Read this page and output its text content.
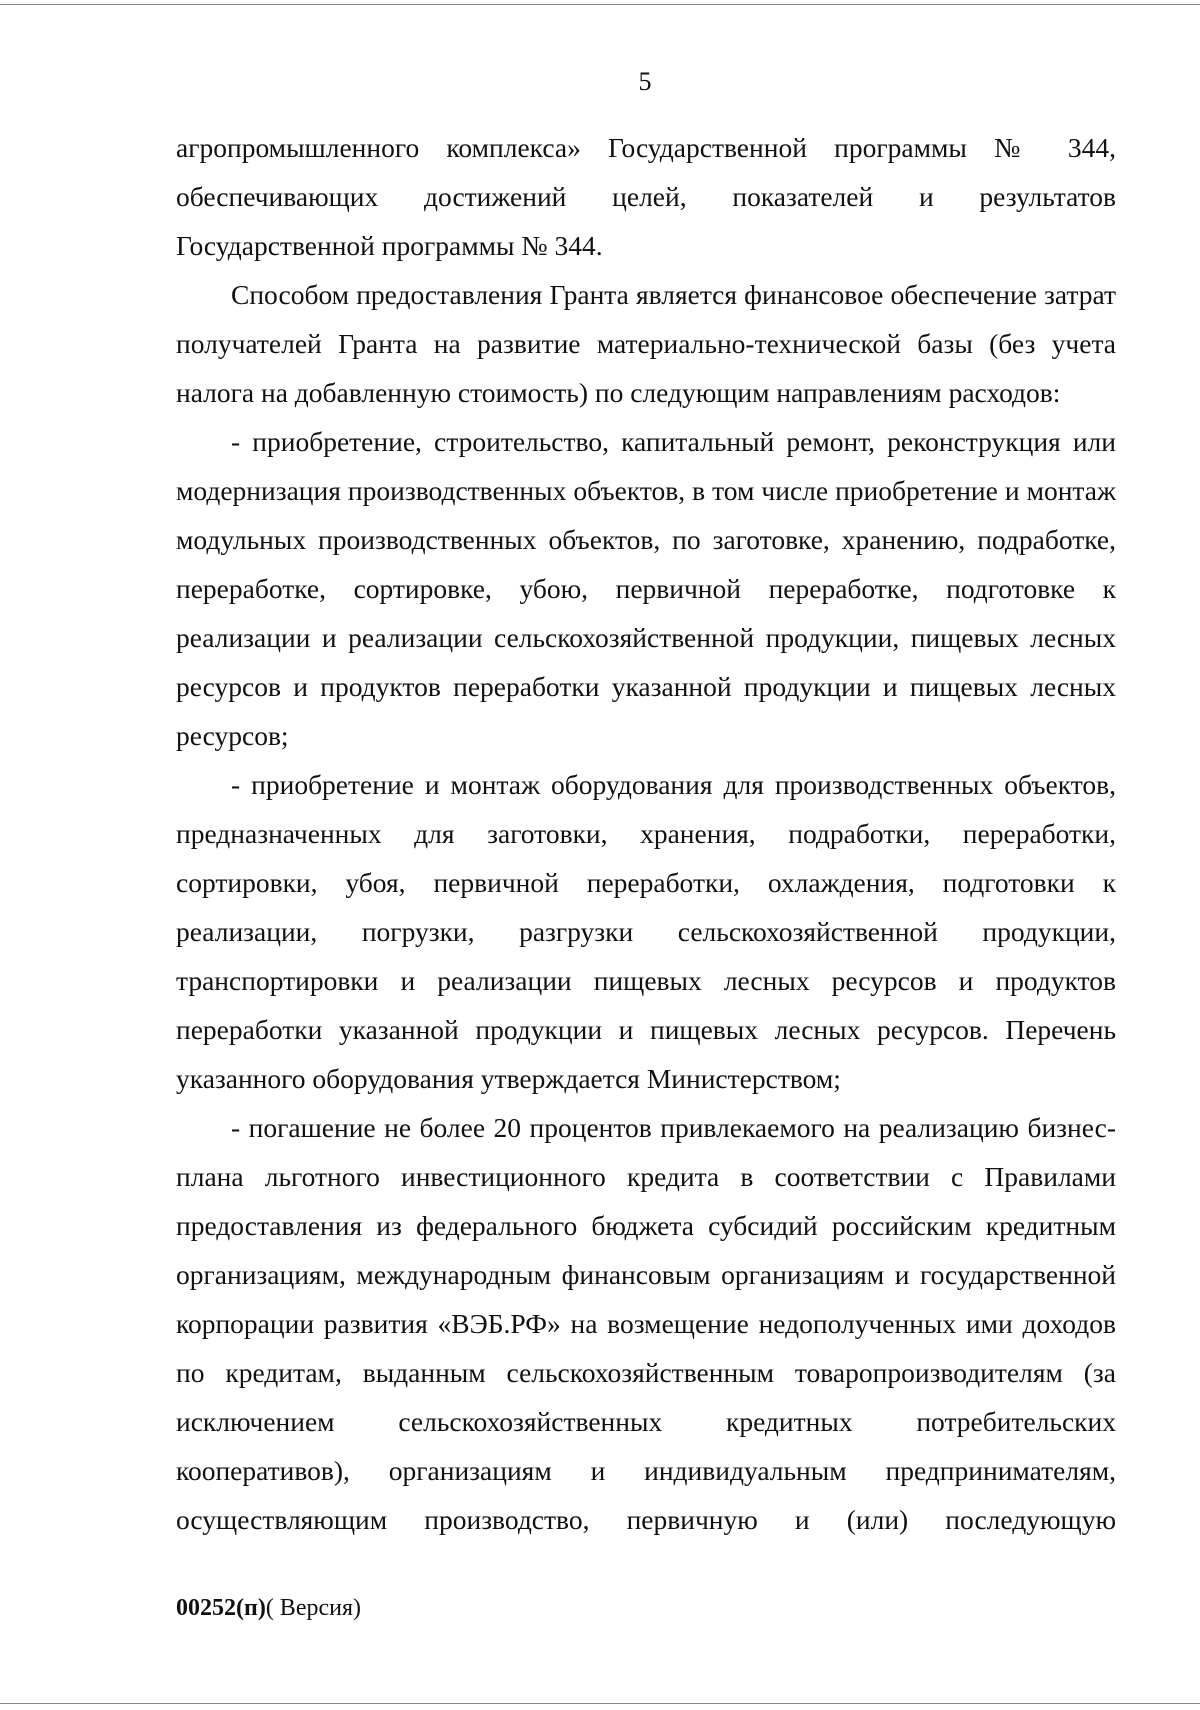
5

агропромышленного комплекса» Государственной программы № 344, обеспечивающих достижений целей, показателей и результатов Государственной программы № 344.

Способом предоставления Гранта является финансовое обеспечение затрат получателей Гранта на развитие материально-технической базы (без учета налога на добавленную стоимость) по следующим направлениям расходов:

- приобретение, строительство, капитальный ремонт, реконструкция или модернизация производственных объектов, в том числе приобретение и монтаж модульных производственных объектов, по заготовке, хранению, подработке, переработке, сортировке, убою, первичной переработке, подготовке к реализации и реализации сельскохозяйственной продукции, пищевых лесных ресурсов и продуктов переработки указанной продукции и пищевых лесных ресурсов;

- приобретение и монтаж оборудования для производственных объектов, предназначенных для заготовки, хранения, подработки, переработки, сортировки, убоя, первичной переработки, охлаждения, подготовки к реализации, погрузки, разгрузки сельскохозяйственной продукции, транспортировки и реализации пищевых лесных ресурсов и продуктов переработки указанной продукции и пищевых лесных ресурсов. Перечень указанного оборудования утверждается Министерством;

- погашение не более 20 процентов привлекаемого на реализацию бизнес-плана льготного инвестиционного кредита в соответствии с Правилами предоставления из федерального бюджета субсидий российским кредитным организациям, международным финансовым организациям и государственной корпорации развития «ВЭБ.РФ» на возмещение недополученных ими доходов по кредитам, выданным сельскохозяйственным товаропроизводителям (за исключением сельскохозяйственных кредитных потребительских кооперативов), организациям и индивидуальным предпринимателям, осуществляющим производство, первичную и (или) последующую

00252(п)( Версия)
